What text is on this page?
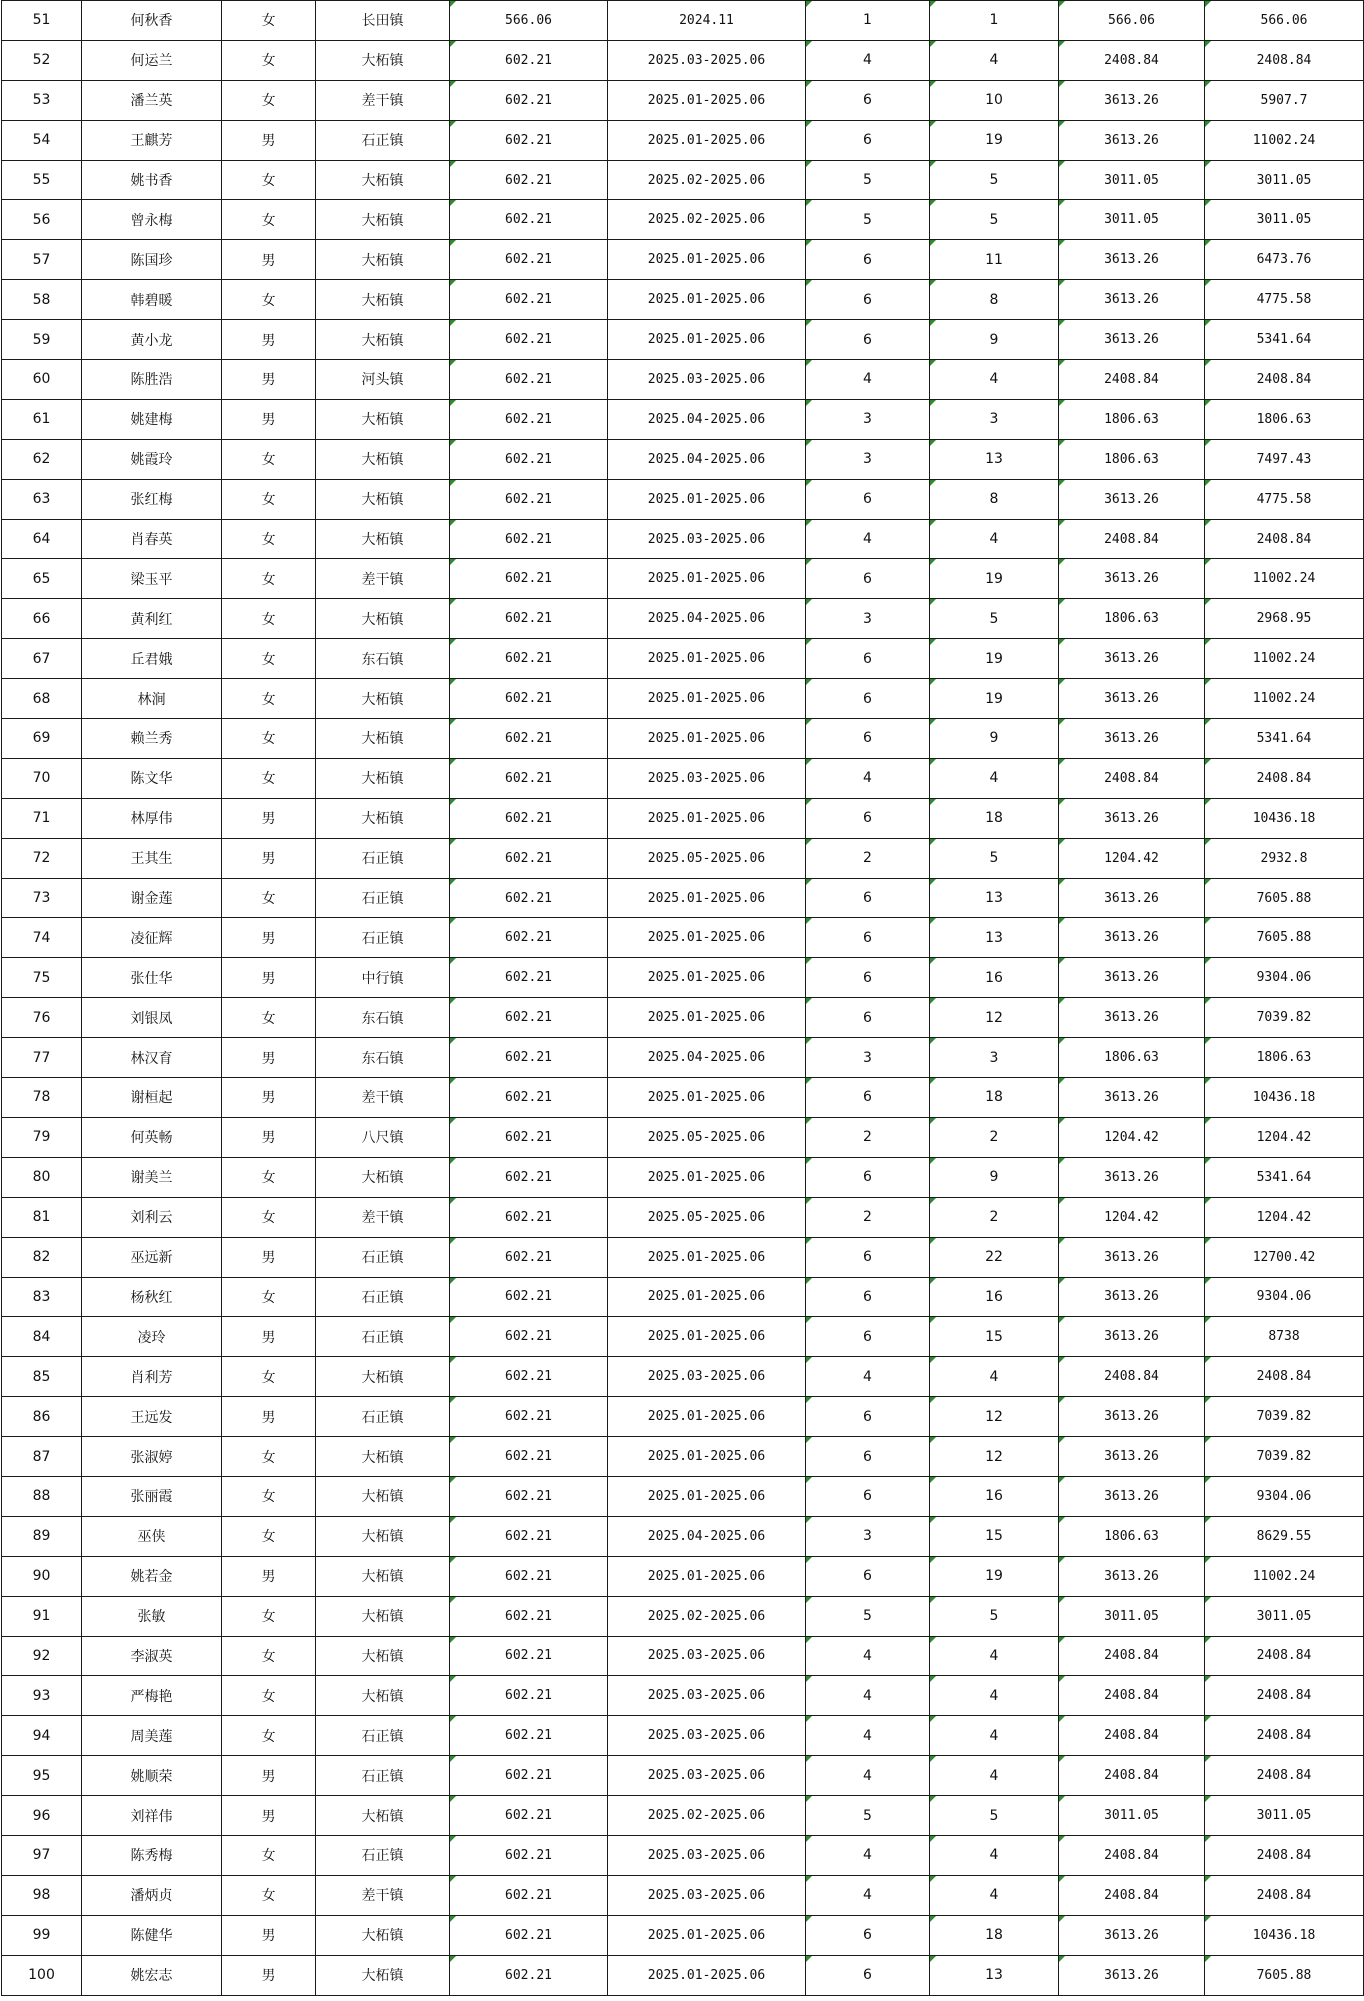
51	何秋香	女	长田镇	566.06	2024.11	1	1	566.06	566.06
52	何运兰	女	大柘镇	602.21	2025.03-2025.06	4	4	2408.84	2408.84
53	潘兰英	女	差干镇	602.21	2025.01-2025.06	6	10	3613.26	5907.7
54	王麒芳	男	石正镇	602.21	2025.01-2025.06	6	19	3613.26	11002.24
55	姚书香	女	大柘镇	602.21	2025.02-2025.06	5	5	3011.05	3011.05
56	曾永梅	女	大柘镇	602.21	2025.02-2025.06	5	5	3011.05	3011.05
57	陈国珍	男	大柘镇	602.21	2025.01-2025.06	6	11	3613.26	6473.76
58	韩碧暖	女	大柘镇	602.21	2025.01-2025.06	6	8	3613.26	4775.58
59	黄小龙	男	大柘镇	602.21	2025.01-2025.06	6	9	3613.26	5341.64
60	陈胜浩	男	河头镇	602.21	2025.03-2025.06	4	4	2408.84	2408.84
61	姚建梅	男	大柘镇	602.21	2025.04-2025.06	3	3	1806.63	1806.63
62	姚霞玲	女	大柘镇	602.21	2025.04-2025.06	3	13	1806.63	7497.43
63	张红梅	女	大柘镇	602.21	2025.01-2025.06	6	8	3613.26	4775.58
64	肖春英	女	大柘镇	602.21	2025.03-2025.06	4	4	2408.84	2408.84
65	梁玉平	女	差干镇	602.21	2025.01-2025.06	6	19	3613.26	11002.24
66	黄利红	女	大柘镇	602.21	2025.04-2025.06	3	5	1806.63	2968.95
67	丘君娥	女	东石镇	602.21	2025.01-2025.06	6	19	3613.26	11002.24
68	林涧	女	大柘镇	602.21	2025.01-2025.06	6	19	3613.26	11002.24
69	赖兰秀	女	大柘镇	602.21	2025.01-2025.06	6	9	3613.26	5341.64
70	陈文华	女	大柘镇	602.21	2025.03-2025.06	4	4	2408.84	2408.84
71	林厚伟	男	大柘镇	602.21	2025.01-2025.06	6	18	3613.26	10436.18
72	王其生	男	石正镇	602.21	2025.05-2025.06	2	5	1204.42	2932.8
73	谢金莲	女	石正镇	602.21	2025.01-2025.06	6	13	3613.26	7605.88
74	凌征辉	男	石正镇	602.21	2025.01-2025.06	6	13	3613.26	7605.88
75	张仕华	男	中行镇	602.21	2025.01-2025.06	6	16	3613.26	9304.06
76	刘银凤	女	东石镇	602.21	2025.01-2025.06	6	12	3613.26	7039.82
77	林汉育	男	东石镇	602.21	2025.04-2025.06	3	3	1806.63	1806.63
78	谢桓起	男	差干镇	602.21	2025.01-2025.06	6	18	3613.26	10436.18
79	何英畅	男	八尺镇	602.21	2025.05-2025.06	2	2	1204.42	1204.42
80	谢美兰	女	大柘镇	602.21	2025.01-2025.06	6	9	3613.26	5341.64
81	刘利云	女	差干镇	602.21	2025.05-2025.06	2	2	1204.42	1204.42
82	巫远新	男	石正镇	602.21	2025.01-2025.06	6	22	3613.26	12700.42
83	杨秋红	女	石正镇	602.21	2025.01-2025.06	6	16	3613.26	9304.06
84	凌玲	男	石正镇	602.21	2025.01-2025.06	6	15	3613.26	8738
85	肖利芳	女	大柘镇	602.21	2025.03-2025.06	4	4	2408.84	2408.84
86	王远发	男	石正镇	602.21	2025.01-2025.06	6	12	3613.26	7039.82
87	张淑婷	女	大柘镇	602.21	2025.01-2025.06	6	12	3613.26	7039.82
88	张丽霞	女	大柘镇	602.21	2025.01-2025.06	6	16	3613.26	9304.06
89	巫侠	女	大柘镇	602.21	2025.04-2025.06	3	15	1806.63	8629.55
90	姚若金	男	大柘镇	602.21	2025.01-2025.06	6	19	3613.26	11002.24
91	张敏	女	大柘镇	602.21	2025.02-2025.06	5	5	3011.05	3011.05
92	李淑英	女	大柘镇	602.21	2025.03-2025.06	4	4	2408.84	2408.84
93	严梅艳	女	大柘镇	602.21	2025.03-2025.06	4	4	2408.84	2408.84
94	周美莲	女	石正镇	602.21	2025.03-2025.06	4	4	2408.84	2408.84
95	姚顺荣	男	石正镇	602.21	2025.03-2025.06	4	4	2408.84	2408.84
96	刘祥伟	男	大柘镇	602.21	2025.02-2025.06	5	5	3011.05	3011.05
97	陈秀梅	女	石正镇	602.21	2025.03-2025.06	4	4	2408.84	2408.84
98	潘炳贞	女	差干镇	602.21	2025.03-2025.06	4	4	2408.84	2408.84
99	陈健华	男	大柘镇	602.21	2025.01-2025.06	6	18	3613.26	10436.18
100	姚宏志	男	大柘镇	602.21	2025.01-2025.06	6	13	3613.26	7605.88
